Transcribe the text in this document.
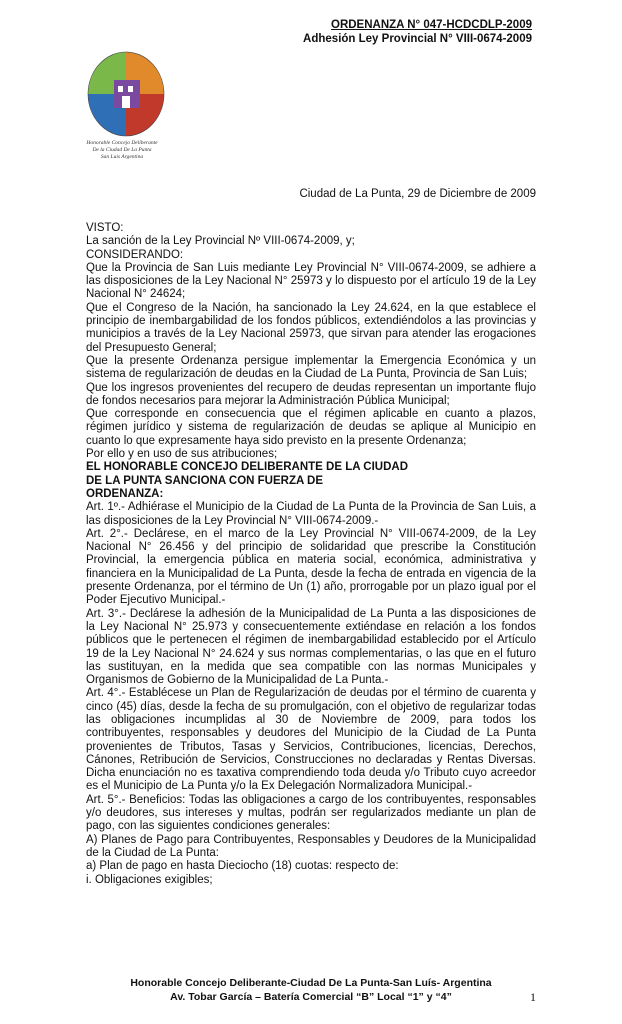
ORDENANZA N° 047-HCDCDLP-2009
Adhesión Ley Provincial N° VIII-0674-2009
Honorable Concejo Deliberante
De la Ciudad De La Punta
San Luis Argentina
Ciudad de La Punta, 29 de Diciembre de 2009

VISTO:

La sanción de la Ley Provincial Nº VIII-0674-2009, y;

CONSIDERANDO:

Que la Provincia de San Luis mediante Ley Provincial N° VIII-0674-2009, se adhiere a las disposiciones de la Ley Nacional N° 25973 y lo dispuesto por el artículo 19 de la Ley Nacional N° 24624;

Que el Congreso de la Nación, ha sancionado la Ley 24.624, en la que establece el principio de inembargabilidad de los fondos públicos, extendiéndolos a las provincias y municipios a través de la Ley Nacional 25973, que sirvan para atender las erogaciones del Presupuesto General;

Que la presente Ordenanza persigue implementar la Emergencia Económica y un sistema de regularización de deudas en la Ciudad de La Punta, Provincia de San Luis;

Que los ingresos provenientes del recupero de deudas representan un importante flujo de fondos necesarios para mejorar la Administración Pública Municipal;

Que corresponde en consecuencia que el régimen aplicable en cuanto a plazos, régimen jurídico y sistema de regularización de deudas se aplique al Municipio en cuanto lo que expresamente haya sido previsto en la presente Ordenanza;

Por ello y en uso de sus atribuciones;

EL HONORABLE CONCEJO DELIBERANTE DE LA CIUDAD

DE LA PUNTA SANCIONA CON FUERZA DE

ORDENANZA:

Art. 1º.- Adhiérase el Municipio de la Ciudad de La Punta de la Provincia de San Luis, a las disposiciones de la Ley Provincial N° VIII-0674-2009.-

Art. 2°.- Declárese, en el marco de la Ley Provincial N° VIII-0674-2009, de la Ley Nacional N° 26.456 y del principio de solidaridad que prescribe la Constitución Provincial, la emergencia pública en materia social, económica, administrativa y financiera en la Municipalidad de La Punta, desde la fecha de entrada en vigencia de la presente Ordenanza, por el término de Un (1) año, prorrogable por un plazo igual por el Poder Ejecutivo Municipal.-

Art. 3°.- Declárese la adhesión de la Municipalidad de La Punta a las disposiciones de la Ley Nacional N° 25.973 y consecuentemente extiéndase en relación a los fondos públicos que le pertenecen el régimen de inembargabilidad establecido por el Artículo 19 de la Ley Nacional N° 24.624 y sus normas complementarias, o las que en el futuro las sustituyan, en la medida que sea compatible con las normas Municipales y Organismos de Gobierno de la Municipalidad de La Punta.-

Art. 4°.- Establécese un Plan de Regularización de deudas por el término de cuarenta y cinco (45) días, desde la fecha de su promulgación, con el objetivo de regularizar todas las obligaciones incumplidas al 30 de Noviembre de 2009, para todos los contribuyentes, responsables y deudores del Municipio de la Ciudad de La Punta provenientes de Tributos, Tasas y Servicios, Contribuciones, licencias, Derechos, Cánones, Retribución de Servicios, Construcciones no declaradas y Rentas Diversas. Dicha enunciación no es taxativa comprendiendo toda deuda y/o Tributo cuyo acreedor es el Municipio de La Punta y/o la Ex Delegación Normalizadora Municipal.-

Art. 5°.- Beneficios: Todas las obligaciones a cargo de los contribuyentes, responsables y/o deudores, sus intereses y multas, podrán ser regularizados mediante un plan de pago, con las siguientes condiciones generales:

A) Planes de Pago para Contribuyentes, Responsables y Deudores de la Municipalidad de la Ciudad de La Punta:

a) Plan de pago en hasta Dieciocho (18) cuotas: respecto de:

i. Obligaciones exigibles;

Honorable Concejo Deliberante-Ciudad De La Punta-San Luís- Argentina
Av. Tobar García – Batería Comercial “B” Local “1” y “4”	1
